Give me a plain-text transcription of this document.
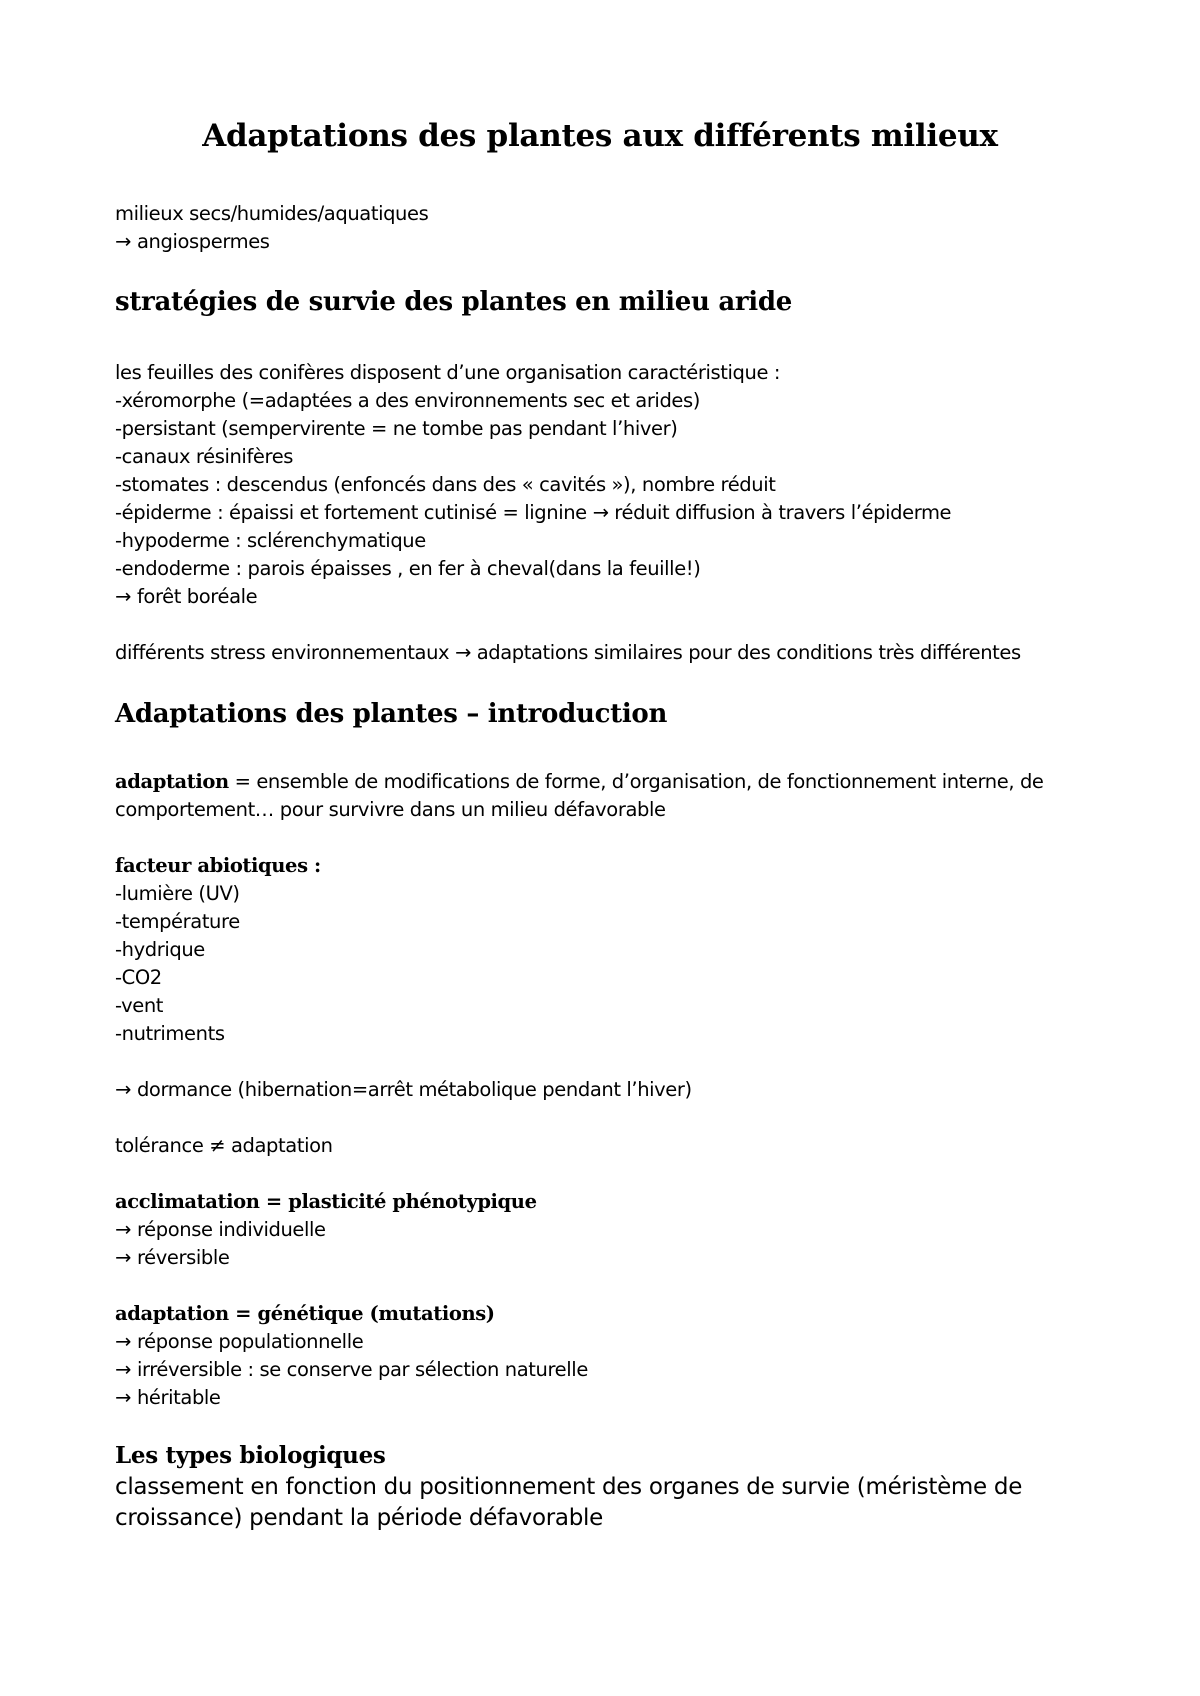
Adaptations des plantes aux différents milieux
milieux secs/humides/aquatiques
→ angiospermes
stratégies de survie des plantes en milieu aride
les feuilles des conifères disposent d’une organisation caractéristique :
-xéromorphe (=adaptées a des environnements sec et arides)
-persistant (sempervirente = ne tombe pas pendant l’hiver)
-canaux résinifères
-stomates : descendus (enfoncés dans des « cavités »), nombre réduit
-épiderme : épaissi et fortement cutinisé = lignine → réduit diffusion à travers l’épiderme
-hypoderme : sclérenchymatique
-endoderme : parois épaisses , en fer à cheval(dans la feuille!)
→ forêt boréale
différents stress environnementaux → adaptations similaires pour des conditions très différentes
Adaptations des plantes – introduction
adaptation = ensemble de modifications de forme, d’organisation, de fonctionnement interne, de
comportement… pour survivre dans un milieu défavorable
facteur abiotiques :
-lumière (UV)
-température
-hydrique
-CO2
-vent
-nutriments
→ dormance (hibernation=arrêt métabolique pendant l’hiver)
tolérance ≠ adaptation
acclimatation = plasticité phénotypique
→ réponse individuelle
→ réversible
adaptation = génétique (mutations)
→ réponse populationnelle
→ irréversible : se conserve par sélection naturelle
→ héritable
Les types biologiques
classement en fonction du positionnement des organes de survie (méristème de
croissance) pendant la période défavorable
